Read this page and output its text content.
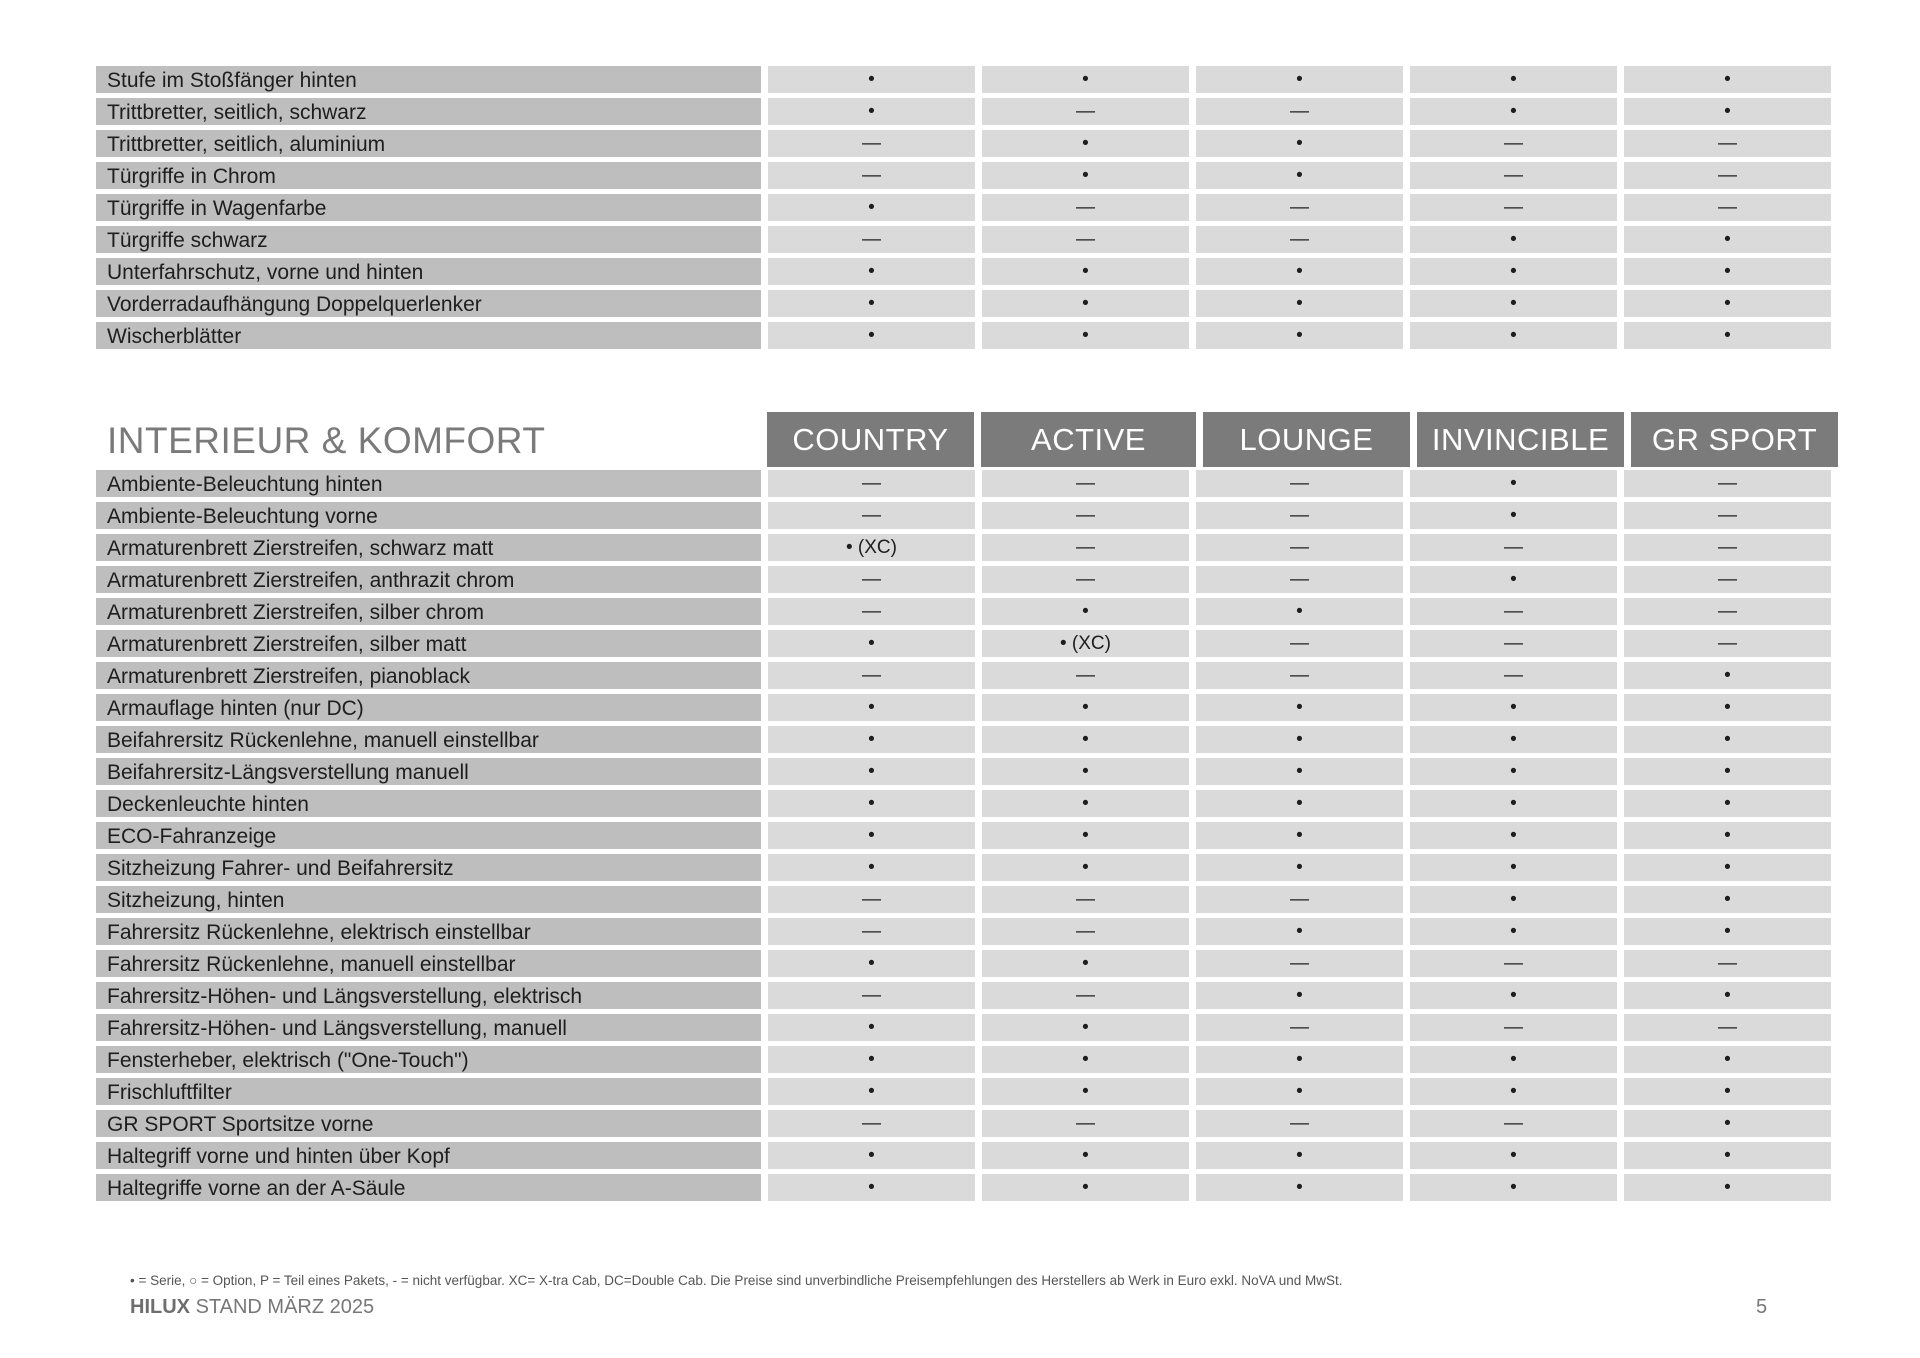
Stufe im Stoßfänger hinten	•	•	•	•	•
Trittbretter, seitlich, schwarz	•	—	—	•	•
Trittbretter, seitlich, aluminium	—	•	•	—	—
Türgriffe in Chrom	—	•	•	—	—
Türgriffe in Wagenfarbe	•	—	—	—	—
Türgriffe schwarz	—	—	—	•	•
Unterfahrschutz, vorne und hinten	•	•	•	•	•
Vorderradaufhängung Doppelquerlenker	•	•	•	•	•
Wischerblätter	•	•	•	•	•
INTERIEUR & KOMFORT	COUNTRY	ACTIVE	LOUNGE	INVINCIBLE	GR SPORT
Ambiente-Beleuchtung hinten	—	—	—	•	—
Ambiente-Beleuchtung vorne	—	—	—	•	—
Armaturenbrett Zierstreifen, schwarz matt	• (XC)	—	—	—	—
Armaturenbrett Zierstreifen, anthrazit chrom	—	—	—	•	—
Armaturenbrett Zierstreifen, silber chrom	—	•	•	—	—
Armaturenbrett Zierstreifen, silber matt	•	• (XC)	—	—	—
Armaturenbrett Zierstreifen, pianoblack	—	—	—	—	•
Armauflage hinten (nur DC)	•	•	•	•	•
Beifahrersitz Rückenlehne, manuell einstellbar	•	•	•	•	•
Beifahrersitz-Längsverstellung manuell	•	•	•	•	•
Deckenleuchte hinten	•	•	•	•	•
ECO-Fahranzeige	•	•	•	•	•
Sitzheizung Fahrer- und Beifahrersitz	•	•	•	•	•
Sitzheizung, hinten	—	—	—	•	•
Fahrersitz Rückenlehne, elektrisch einstellbar	—	—	•	•	•
Fahrersitz Rückenlehne, manuell einstellbar	•	•	—	—	—
Fahrersitz-Höhen- und Längsverstellung, elektrisch	—	—	•	•	•
Fahrersitz-Höhen- und Längsverstellung, manuell	•	•	—	—	—
Fensterheber, elektrisch ("One-Touch")	•	•	•	•	•
Frischluftfilter	•	•	•	•	•
GR SPORT Sportsitze vorne	—	—	—	—	•
Haltegriff vorne und hinten über Kopf	•	•	•	•	•
Haltegriffe vorne an der A-Säule	•	•	•	•	•
• = Serie, ○ = Option, P = Teil eines Pakets, - = nicht verfügbar. XC= X-tra Cab, DC=Double Cab. Die Preise sind unverbindliche Preisempfehlungen des Herstellers ab Werk in Euro exkl. NoVA und MwSt.
HILUX STAND MÄRZ 2025	5
